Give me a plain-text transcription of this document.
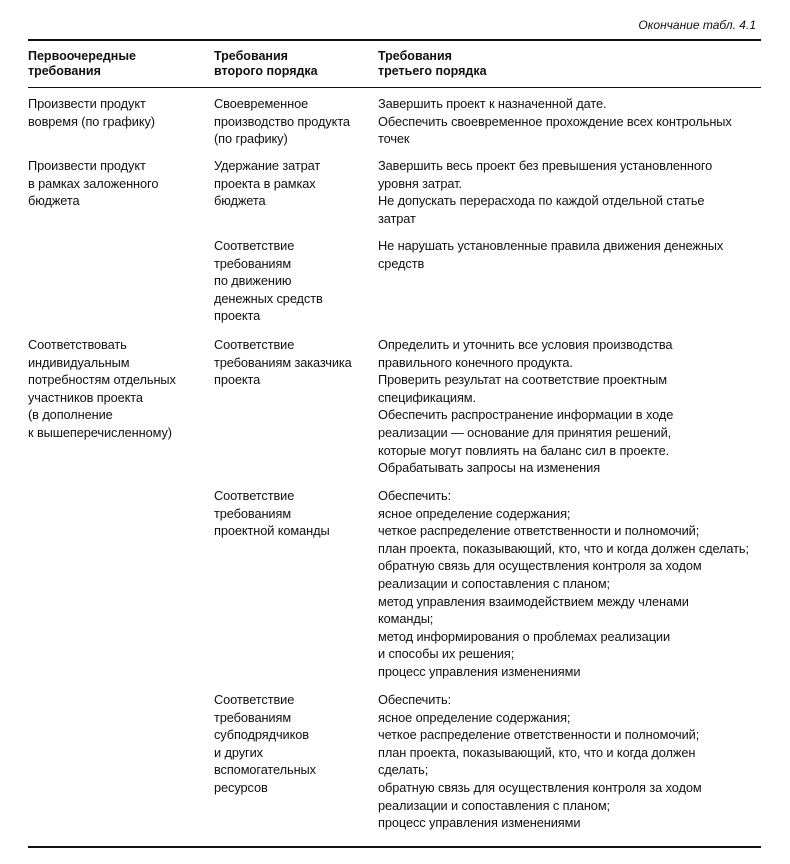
Окончание табл. 4.1
Первоочередные
требования
Требования
второго порядка
Требования
третьего порядка
Произвести продукт
вовремя (по графику)
Своевременное
производство продукта
(по графику)
Завершить проект к назначенной дате.
Обеспечить своевременное прохождение всех контрольных
точек
Произвести продукт
в рамках заложенного
бюджета
Удержание затрат
проекта в рамках
бюджета
Завершить весь проект без превышения установленного
уровня затрат.
Не допускать перерасхода по каждой отдельной статье
затрат
Соответствие
требованиям
по движению
денежных средств
проекта
Не нарушать установленные правила движения денежных
средств
Соответствовать
индивидуальным
потребностям отдельных
участников проекта
(в дополнение
к вышеперечисленному)
Соответствие
требованиям заказчика
проекта
Определить и уточнить все условия производства
правильного конечного продукта.
Проверить результат на соответствие проектным
спецификациям.
Обеспечить распространение информации в ходе
реализации — основание для принятия решений,
которые могут повлиять на баланс сил в проекте.
Обрабатывать запросы на изменения
Соответствие
требованиям
проектной команды
Обеспечить:
ясное определение содержания;
четкое распределение ответственности и полномочий;
план проекта, показывающий, кто, что и когда должен сделать;
обратную связь для осуществления контроля за ходом
реализации и сопоставления с планом;
метод управления взаимодействием между членами
команды;
метод информирования о проблемах реализации
и способы их решения;
процесс управления изменениями
Соответствие
требованиям
субподрядчиков
и других
вспомогательных
ресурсов
Обеспечить:
ясное определение содержания;
четкое распределение ответственности и полномочий;
план проекта, показывающий, кто, что и когда должен
сделать;
обратную связь для осуществления контроля за ходом
реализации и сопоставления с планом;
процесс управления изменениями
